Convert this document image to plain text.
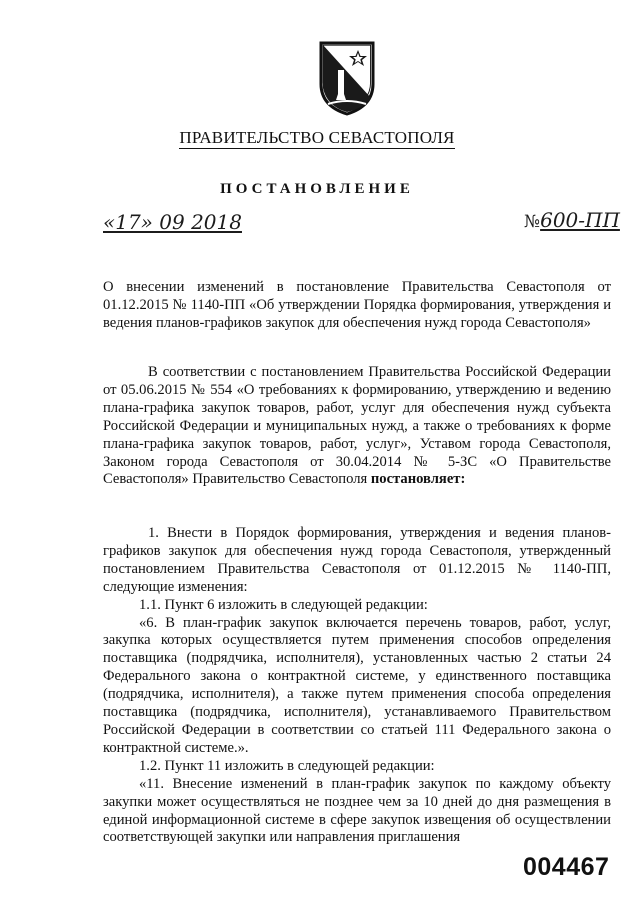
ПРАВИТЕЛЬСТВО СЕВАСТОПОЛЯ
ПОСТАНОВЛЕНИЕ
«17» 09 2018	№600-ПП
О внесении изменений в постановление Правительства Севастополя от 01.12.2015 № 1140-ПП «Об утверждении Порядка формирования, утверждения и ведения планов-графиков закупок для обеспечения нужд города Севастополя»
В соответствии с постановлением Правительства Российской Федерации от 05.06.2015 № 554 «О требованиях к формированию, утверждению и ведению плана-графика закупок товаров, работ, услуг для обеспечения нужд субъекта Российской Федерации и муниципальных нужд, а также о требованиях к форме плана-графика закупок товаров, работ, услуг», Уставом города Севастополя, Законом города Севастополя от 30.04.2014 № 5-ЗС «О Правительстве Севастополя» Правительство Севастополя постановляет:

1. Внести в Порядок формирования, утверждения и ведения планов-графиков закупок для обеспечения нужд города Севастополя, утвержденный постановлением Правительства Севастополя от 01.12.2015 № 1140-ПП, следующие изменения:

1.1. Пункт 6 изложить в следующей редакции:

«6. В план-график закупок включается перечень товаров, работ, услуг, закупка которых осуществляется путем применения способов определения поставщика (подрядчика, исполнителя), установленных частью 2 статьи 24 Федерального закона о контрактной системе, у единственного поставщика (подрядчика, исполнителя), а также путем применения способа определения поставщика (подрядчика, исполнителя), устанавливаемого Правительством Российской Федерации в соответствии со статьей 111 Федерального закона о контрактной системе.».

1.2. Пункт 11 изложить в следующей редакции:

«11. Внесение изменений в план-график закупок по каждому объекту закупки может осуществляться не позднее чем за 10 дней до дня размещения в единой информационной системе в сфере закупок извещения об осуществлении соответствующей закупки или направления приглашения

004467
